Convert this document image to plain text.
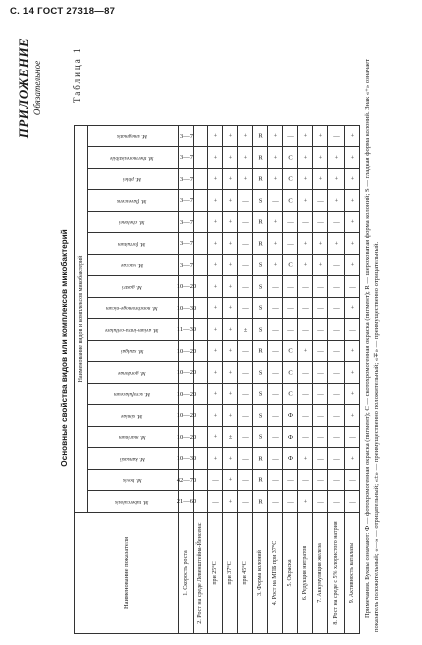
С. 14 ГОСТ 27318—87
ПРИЛОЖЕНИЕ Обязательное	Таблица 1
Основные свойства видов или комплексов микобактерий
Наименование показателя	Наименование видов и комплексов микобактерий																	
	M. tuberculosis	M. bovis	M. kansasii	M. marinum	M. simiae	M. scrofulaceum	M. gordonae	M. szulgai	M. avium-intra-cellulare	M. nonchromoge-nicum	M. gastri	M. vaccae	M. fortuitum	M. chelonei	M. flavescens	M. phlei	M. thermoresistibile	M. smegmatis
1. Скорость роста	21—60	42—70	10—30	10—20	10—20	10—20	10—20	10—20	11—30	10—30	10—20	3—7	3—7	3—7	3—7	3—7	3—7	3—7
2. Рост на среде Левенштейна-Йенсена:																		
при 25°С	—	—	+	+	+	+	+	+	+	+	+	+	+	+	+	+	+	+
при 37°С	+	+	+	±	+	+	+	+	+	+	+	+	+	+	+	+	+	+
при 45°С	—	—	—	—	—	—	—	—	±	—	—	—	—	—	—	+	+	+
3. Форма колоний	R	R	R	S	S	S	S	R	S	S	S	S	R	R	S	R	R	R
4. Рост на МПБ при 37°С	—	—	—	—	—	—	—	—	—	—	—	+	+	+	—	+	+	+
5. Окраска	—	—	Ф	Ф	Ф	С	С	С	—	—	—	С	—	—	С	С	С	—
6. Редукция нитратов	+	—	+	—	—	—	—	+	—	—	—	+	+	—	+	+	+	+
7. Аккумуляция железа	—	—	—	—	—	—	—	—	—	—	—	+	+	—	—	+	+	+
8. Рост на среде с 5% хлористого натрия	—	—	—	—	—	—	—	—	—	—	—	—	+	—	+	+	+	—
9. Активность каталазы	—	—	+	—	+	+	+	+	—	+	—	+	+	+	+	+	+	+ Примечания. Буквы означают: Ф — фотохромогенная окраска (пигмент); С — скотохромогенная окраска (пигмент); R — шероховатая форма колоний; S — гладкая форма колоний. Знак «+» означает показатель положительный; «—» — отрицательный; «±» — преимущественно положительный; «∓» — преимущественно отрицательный.
